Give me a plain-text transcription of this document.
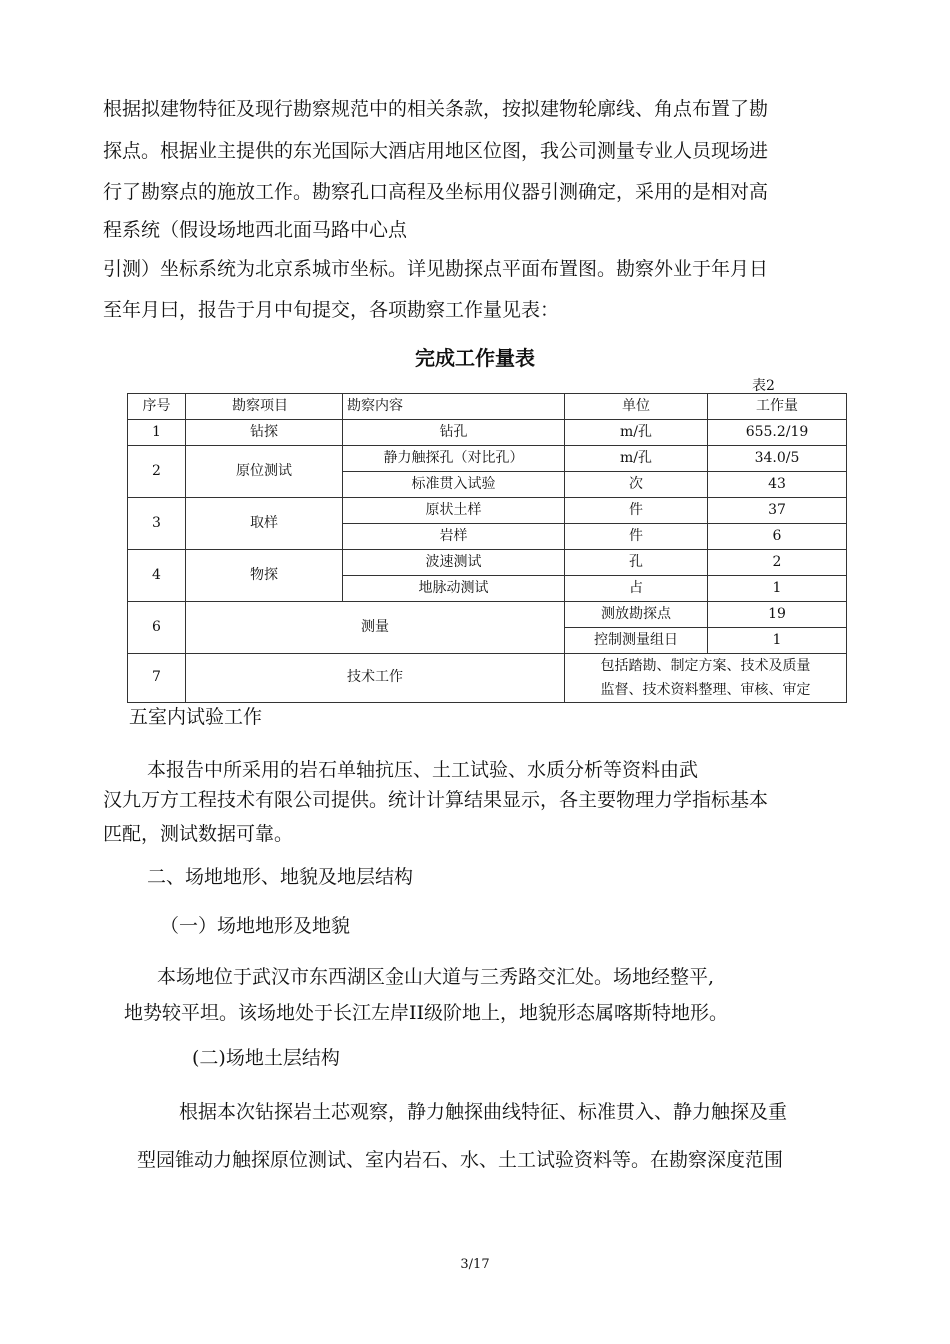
根据拟建物特征及现行勘察规范中的相关条款，按拟建物轮廓线、角点布置了勘
探点。根据业主提供的东光国际大酒店用地区位图，我公司测量专业人员现场进
行了勘察点的施放工作。勘察孔口高程及坐标用仪器引测确定，采用的是相对高
程系统（假设场地西北面马路中心点
引测）坐标系统为北京系城市坐标。详见勘探点平面布置图。勘察外业于年月日
至年月曰，报告于月中旬提交，各项勘察工作量见表：
完成工作量表
表2
序号	勘察项目	勘察内容	单位	工作量
1	钻探	钻孔	m/孔	655.2/19
2	原位测试	静力触探孔（对比孔）	m/孔	34.0/5
		标准贯入试验	次	43
3	取样	原状土样	件	37
		岩样	件	6
4	物探	波速测试	孔	2
		地脉动测试	占	1
6	测量		测放勘探点	19
			控制测量组日	1
7	技术工作		包括踏勘、制定方案、技术及质量
监督、技术资料整理、审核、审定	
五室内试验工作
本报告中所采用的岩石单轴抗压、土工试验、水质分析等资料由武
汉九万方工程技术有限公司提供。统计计算结果显示，各主要物理力学指标基本
匹配，测试数据可靠。
二、场地地形、地貌及地层结构
（一）场地地形及地貌
本场地位于武汉市东西湖区金山大道与三秀路交汇处。场地经整平,
地势较平坦。该场地处于长江左岸II级阶地上，地貌形态属喀斯特地形。
(二)场地土层结构
根据本次钻探岩土芯观察，静力触探曲线特征、标准贯入、静力触探及重
型园锥动力触探原位测试、室内岩石、水、土工试验资料等。在勘察深度范围
3/17
